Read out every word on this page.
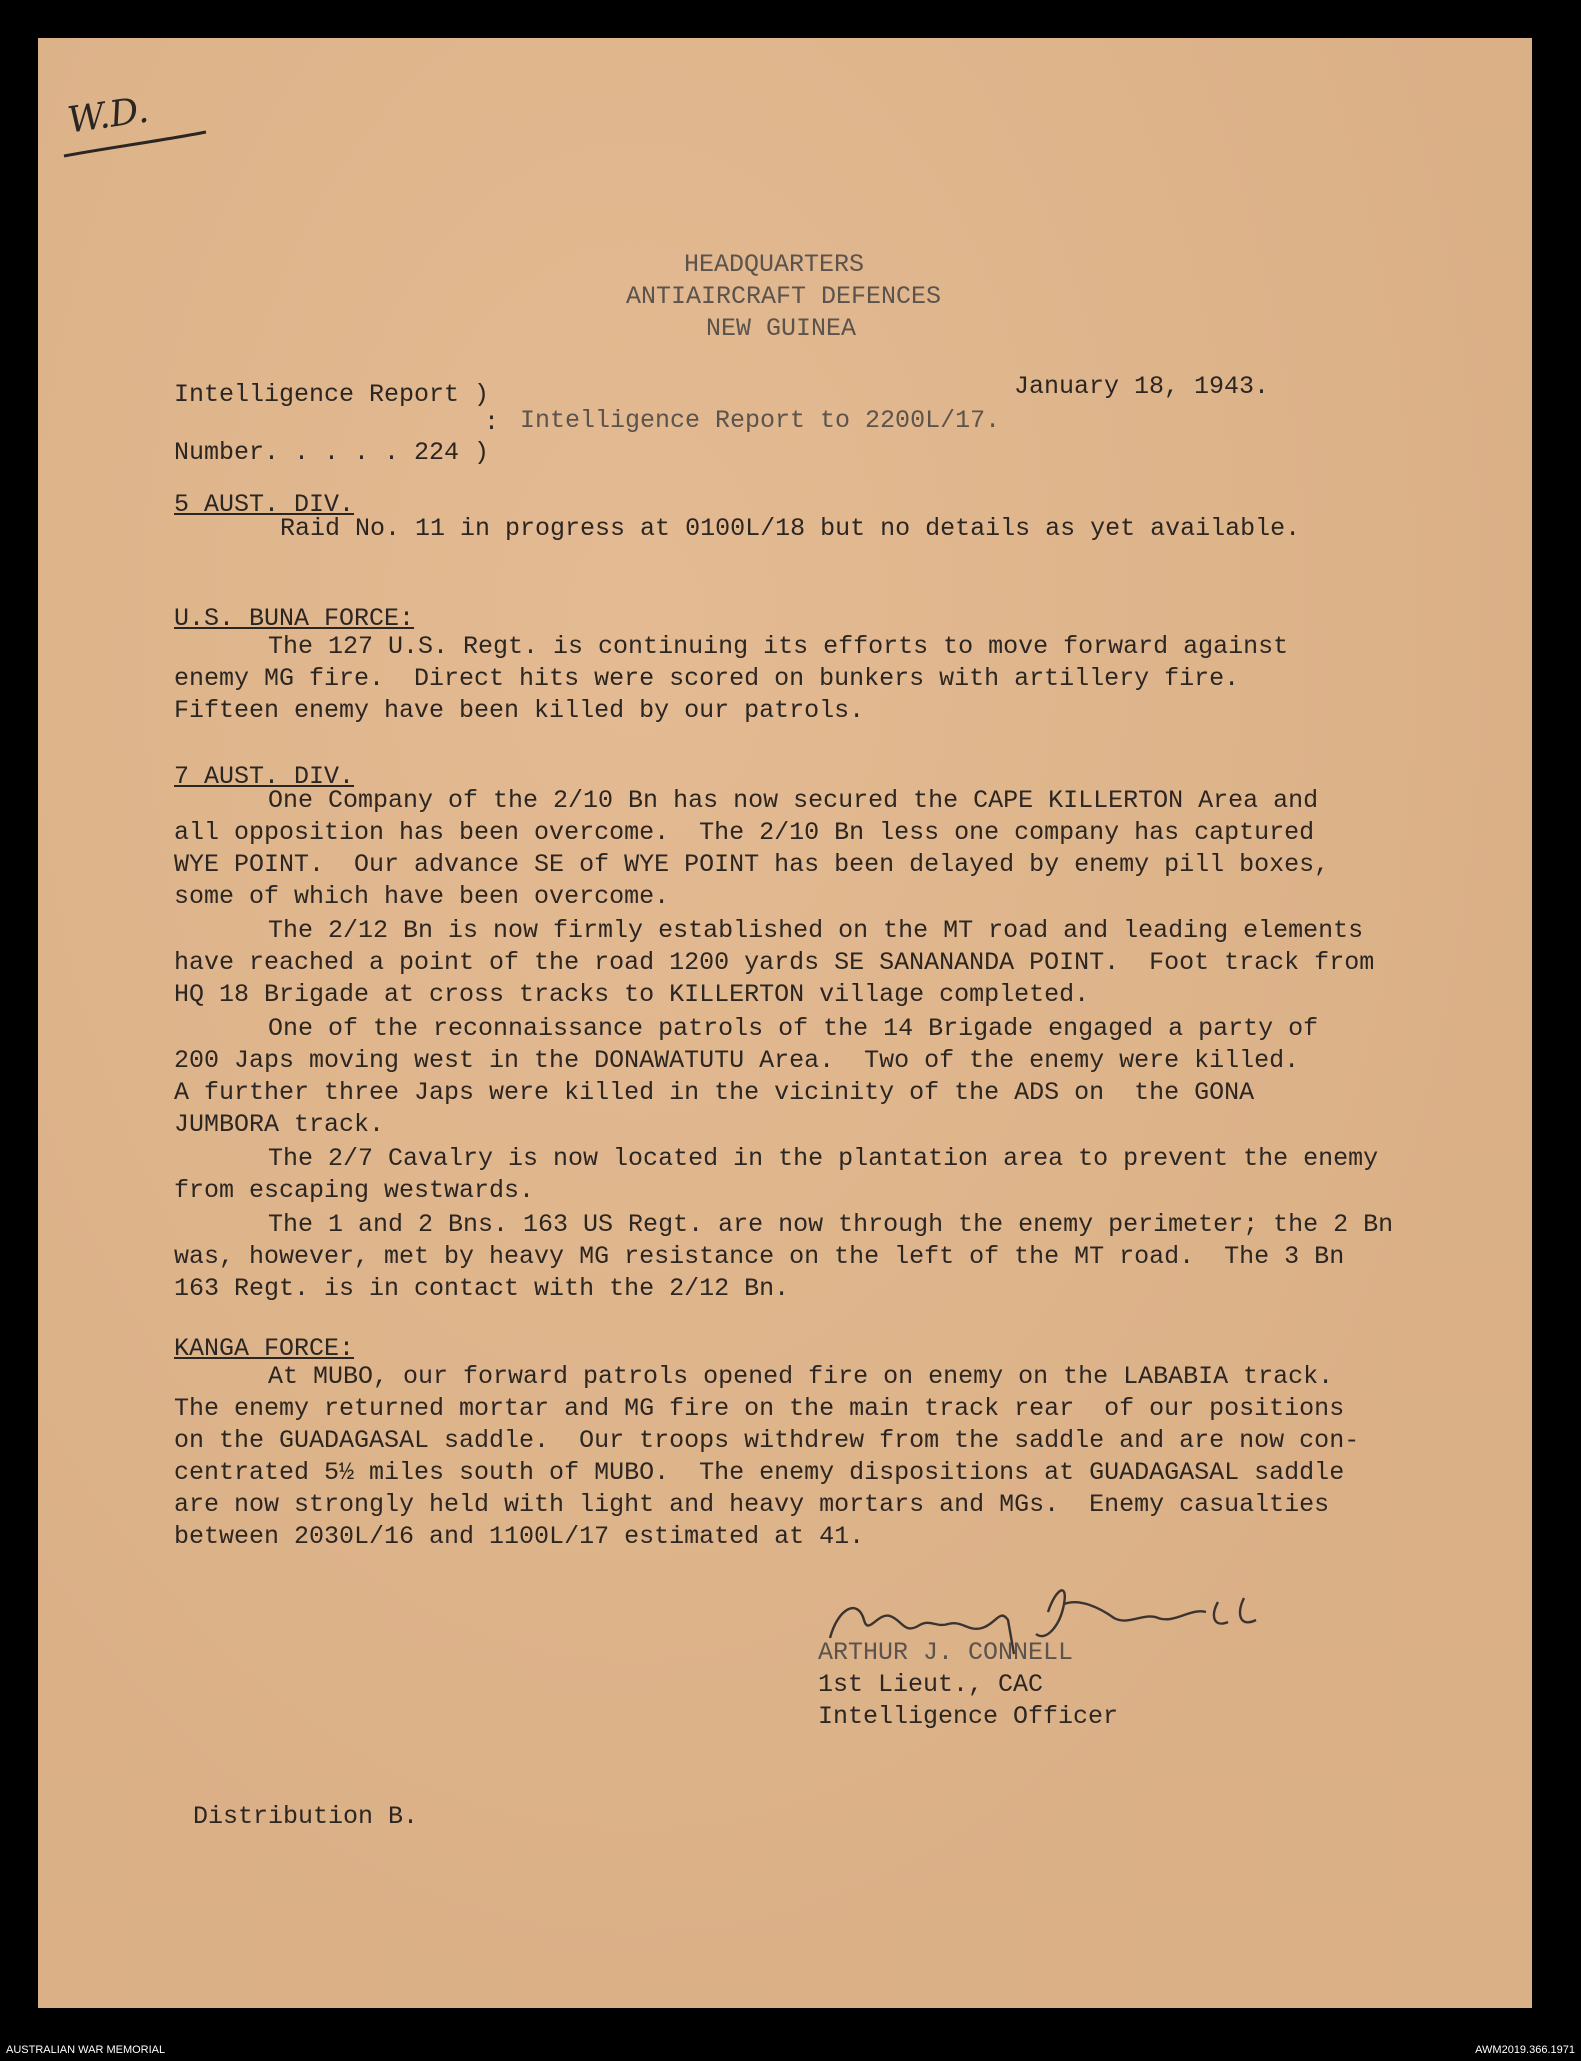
W.D.
HEADQUARTERS
ANTIAIRCRAFT DEFENCES
NEW GUINEA
Intelligence Report )	January 18, 1943.
: Intelligence Report to 2200L/17.
Number. . . . . 224 )
5 AUST. DIV.
Raid No. 11 in progress at 0100L/18 but no details as yet available.
U.S. BUNA FORCE:
The 127 U.S. Regt. is continuing its efforts to move forward against
enemy MG fire.  Direct hits were scored on bunkers with artillery fire.
Fifteen enemy have been killed by our patrols.
7 AUST. DIV.
One Company of the 2/10 Bn has now secured the CAPE KILLERTON Area and
all opposition has been overcome.  The 2/10 Bn less one company has captured
WYE POINT.  Our advance SE of WYE POINT has been delayed by enemy pill boxes,
some of which have been overcome.
The 2/12 Bn is now firmly established on the MT road and leading elements
have reached a point of the road 1200 yards SE SANANANDA POINT.  Foot track from
HQ 18 Brigade at cross tracks to KILLERTON village completed.
One of the reconnaissance patrols of the 14 Brigade engaged a party of
200 Japs moving west in the DONAWATUTU Area.  Two of the enemy were killed.
A further three Japs were killed in the vicinity of the ADS on  the GONA
JUMBORA track.
The 2/7 Cavalry is now located in the plantation area to prevent the enemy
from escaping westwards.
The 1 and 2 Bns. 163 US Regt. are now through the enemy perimeter; the 2 Bn
was, however, met by heavy MG resistance on the left of the MT road.  The 3 Bn
163 Regt. is in contact with the 2/12 Bn.
KANGA FORCE:
At MUBO, our forward patrols opened fire on enemy on the LABABIA track.
The enemy returned mortar and MG fire on the main track rear  of our positions
on the GUADAGASAL saddle.  Our troops withdrew from the saddle and are now con-
centrated 5½ miles south of MUBO.  The enemy dispositions at GUADAGASAL saddle
are now strongly held with light and heavy mortars and MGs.  Enemy casualties
between 2030L/16 and 1100L/17 estimated at 41.
ARTHUR J. CONNELL
1st Lieut., CAC
Intelligence Officer
Distribution B.
AUSTRALIAN WAR MEMORIAL	AWM2019.366.1971
